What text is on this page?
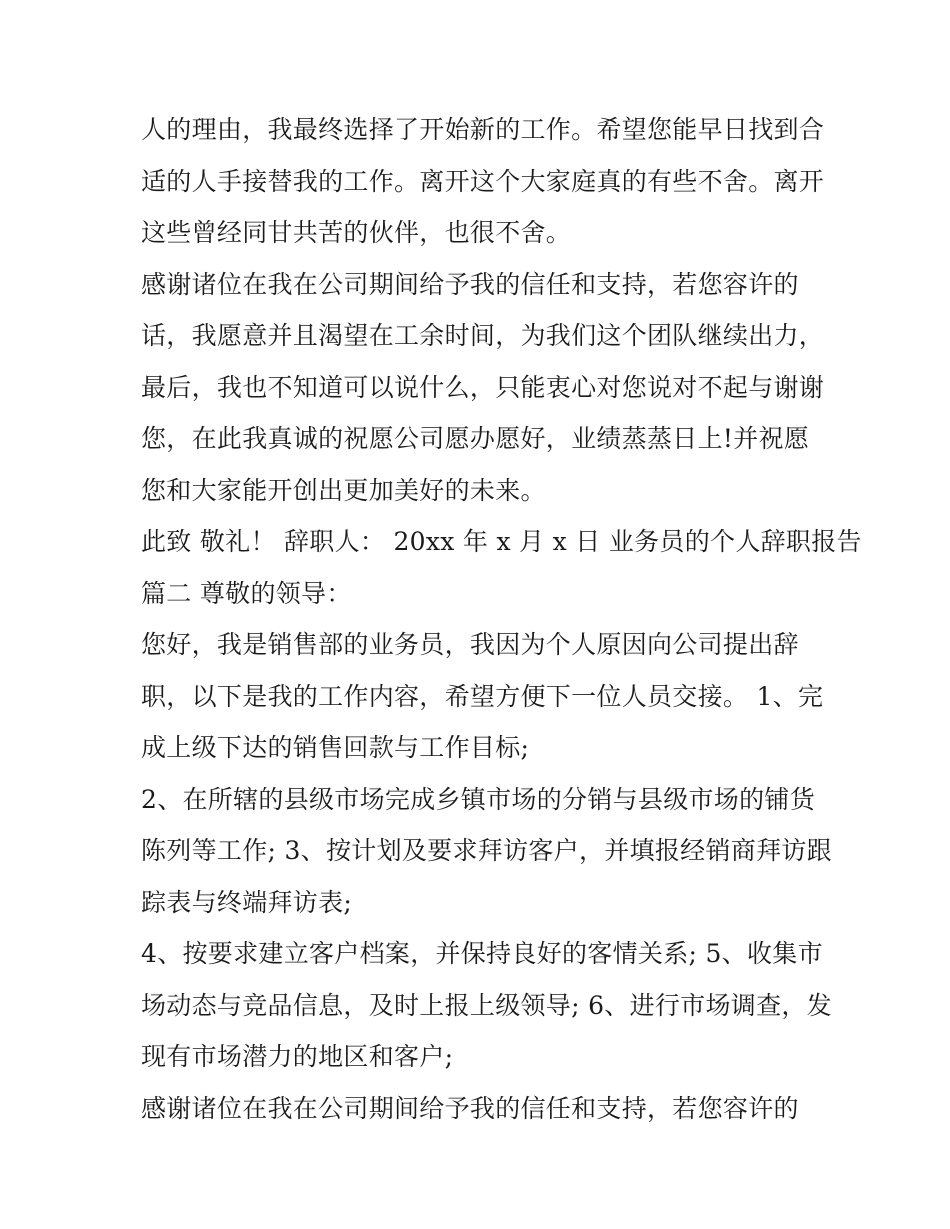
人的理由，我最终选择了开始新的工作。希望您能早日找到合
适的人手接替我的工作。离开这个大家庭真的有些不舍。离开
这些曾经同甘共苦的伙伴，也很不舍。
感谢诸位在我在公司期间给予我的信任和支持，若您容许的
话，我愿意并且渴望在工余时间，为我们这个团队继续出力，
最后，我也不知道可以说什么，只能衷心对您说对不起与谢谢
您，在此我真诚的祝愿公司愿办愿好，业绩蒸蒸日上!并祝愿
您和大家能开创出更加美好的未来。
此致 敬礼！ 辞职人： 20xx 年 x 月 x 日 业务员的个人辞职报告
篇二 尊敬的领导：
您好，我是销售部的业务员，我因为个人原因向公司提出辞
职，以下是我的工作内容，希望方便下一位人员交接。 1、完
成上级下达的销售回款与工作目标;
2、在所辖的县级市场完成乡镇市场的分销与县级市场的铺货
陈列等工作; 3、按计划及要求拜访客户，并填报经销商拜访跟
踪表与终端拜访表;
4、按要求建立客户档案，并保持良好的客情关系; 5、收集市
场动态与竞品信息，及时上报上级领导; 6、进行市场调查，发
现有市场潜力的地区和客户;
感谢诸位在我在公司期间给予我的信任和支持，若您容许的
